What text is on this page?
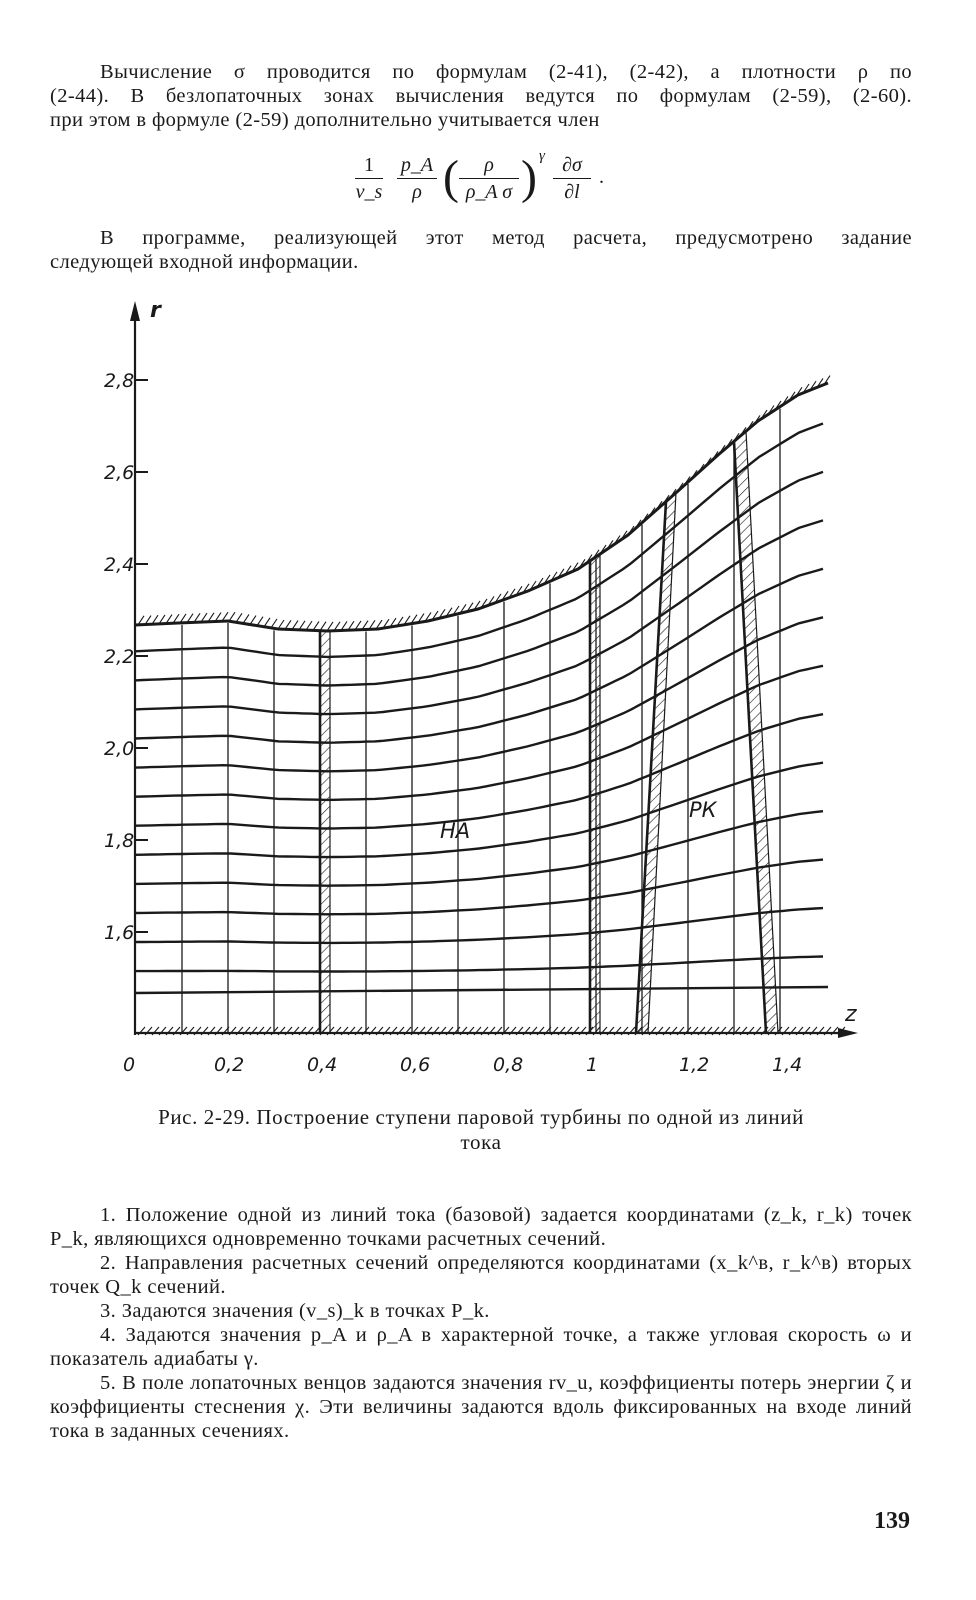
Вычисление σ проводится по формулам (2-41), (2-42), а плотности ρ по
(2-44). В безлопаточных зонах вычисления ведутся по формулам (2-59), (2-60).
при этом в формуле (2-59) дополнительно учитывается член

$\frac{1}{v\_s} \frac{p\_A}{\rho}$ ( $\frac{\rho}{\text{ρ\_A σ}}$ ) γ $\frac{\partial\sigma}{\partial l}$ .

В программе, реализующей этот метод расчета, предусмотрено задание
следующей входной информации.

r
z
2,8
2,6
2,4
2,2
2,0
1,8
1,6
0	0,2	0,4	0,6	0,8	1	1,2	1,4
НА
РК
Рис. 2-29. Построение ступени паровой турбины по одной из линий
тока

1. Положение одной из линий тока (базовой) задается координатами (z_k, r_k) точек P_k, являющихся одновременно точками расчетных сечений.

2. Направления расчетных сечений определяются координатами (x_k^в, r_k^в) вторых точек Q_k сечений.

3. Задаются значения (v_s)_k в точках P_k.

4. Задаются значения p_A и ρ_A в характерной точке, а также угловая скорость ω и показатель адиабаты γ.

5. В поле лопаточных венцов задаются значения rv_u, коэффициенты потерь энергии ζ и коэффициенты стеснения χ. Эти величины задаются вдоль фиксированных на входе линий тока в заданных сечениях.

139
